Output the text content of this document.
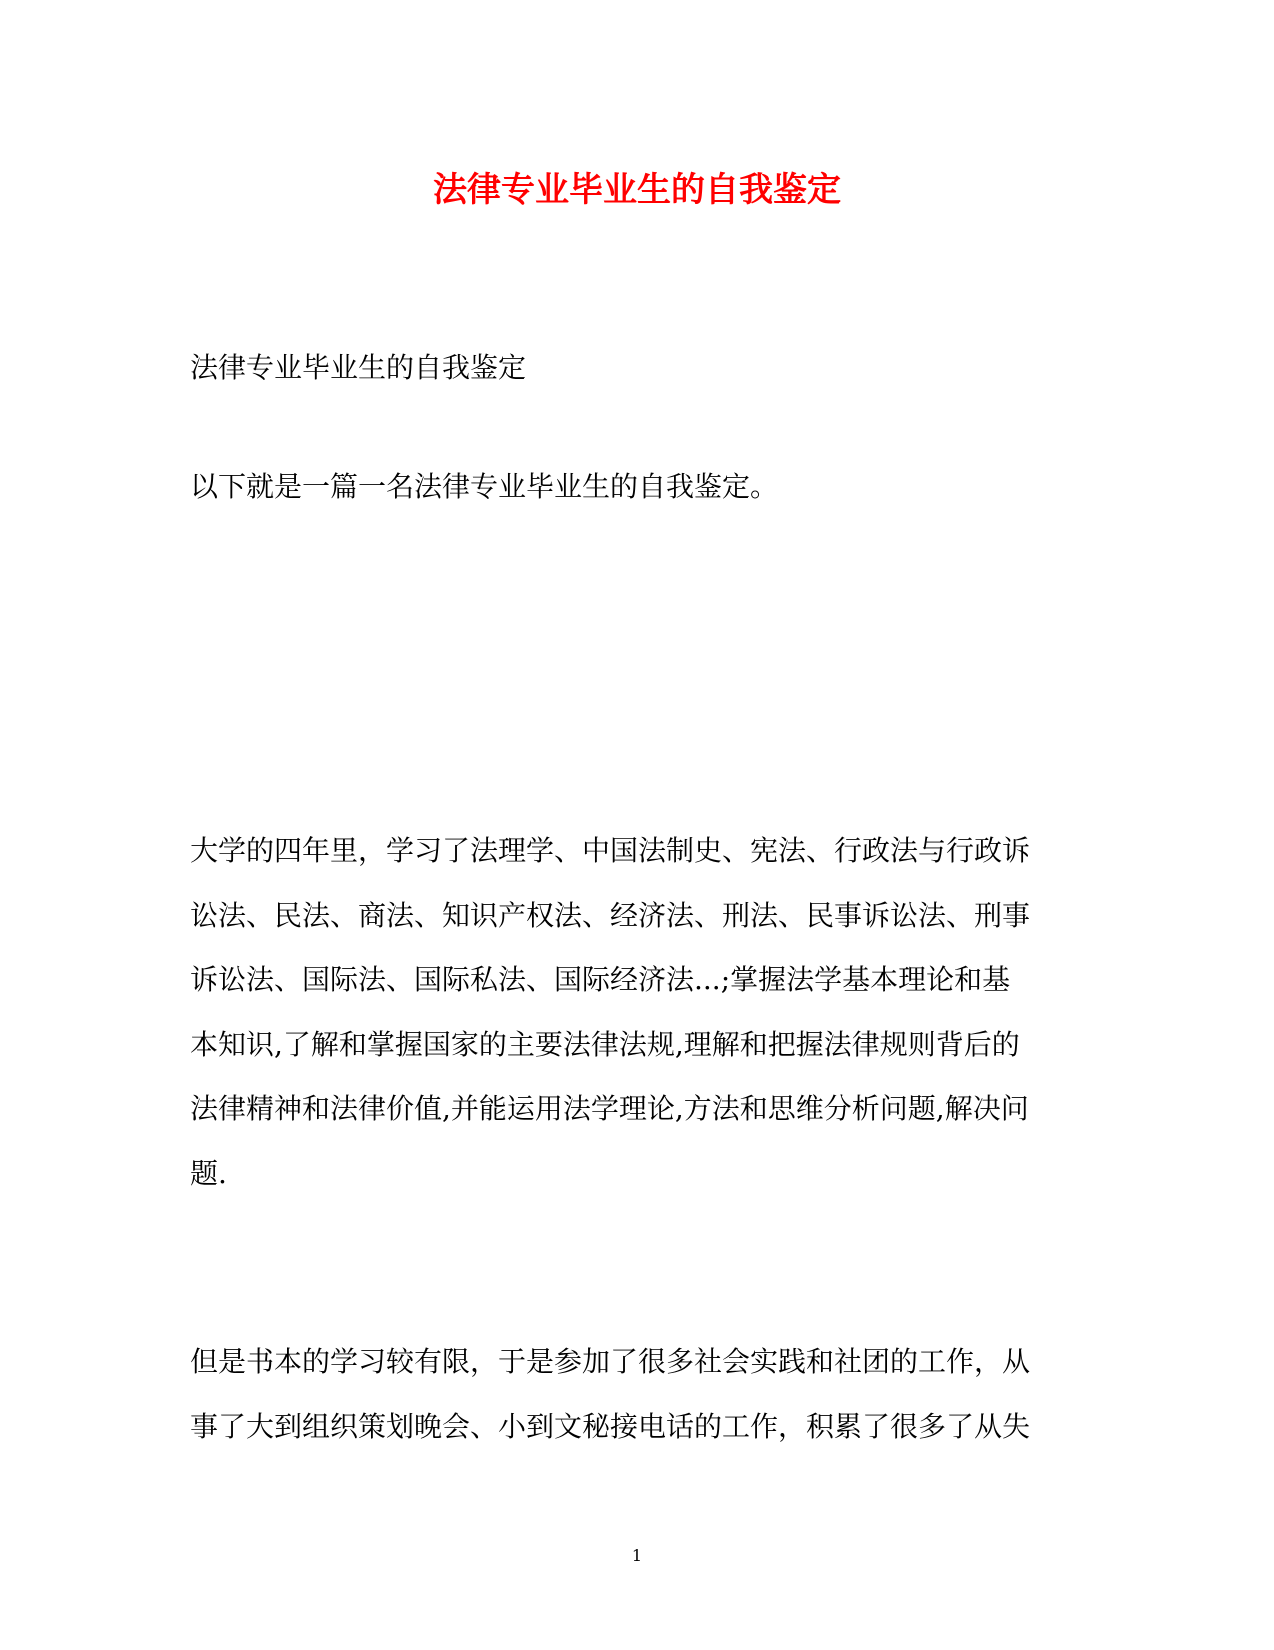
法律专业毕业生的自我鉴定
法律专业毕业生的自我鉴定
以下就是一篇一名法律专业毕业生的自我鉴定。
大学的四年里，学习了法理学、中国法制史、宪法、行政法与行政诉
讼法、民法、商法、知识产权法、经济法、刑法、民事诉讼法、刑事
诉讼法、国际法、国际私法、国际经济法...;掌握法学基本理论和基
本知识,了解和掌握国家的主要法律法规,理解和把握法律规则背后的
法律精神和法律价值,并能运用法学理论,方法和思维分析问题,解决问
题.
但是书本的学习较有限，于是参加了很多社会实践和社团的工作，从
事了大到组织策划晚会、小到文秘接电话的工作，积累了很多了从失
1
